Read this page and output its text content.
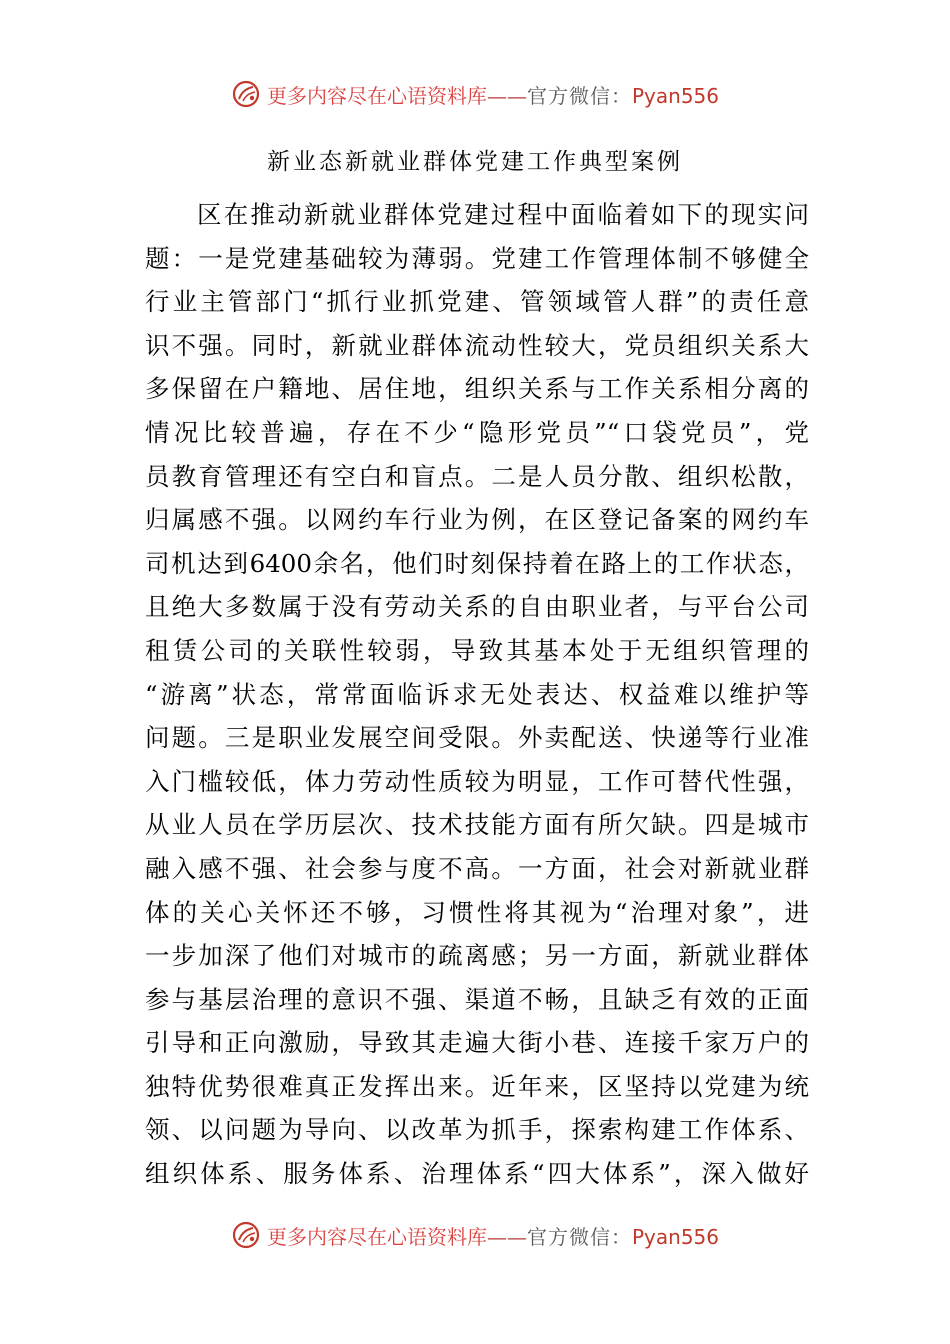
更多内容尽在心语资料库——官方微信：Pyan556
新业态新就业群体党建工作典型案例
区在推动新就业群体党建过程中面临着如下的现实问
题：一是党建基础较为薄弱。党建工作管理体制不够健全
行业主管部门“抓行业抓党建、管领域管人群”的责任意
识不强。同时，新就业群体流动性较大，党员组织关系大
多保留在户籍地、居住地，组织关系与工作关系相分离的
情况比较普遍，存在不少“隐形党员”“口袋党员”，党
员教育管理还有空白和盲点。二是人员分散、组织松散，
归属感不强。以网约车行业为例，在区登记备案的网约车
司机达到6400余名，他们时刻保持着在路上的工作状态，
且绝大多数属于没有劳动关系的自由职业者，与平台公司
租赁公司的关联性较弱，导致其基本处于无组织管理的
“游离”状态，常常面临诉求无处表达、权益难以维护等
问题。三是职业发展空间受限。外卖配送、快递等行业准
入门槛较低，体力劳动性质较为明显，工作可替代性强，
从业人员在学历层次、技术技能方面有所欠缺。四是城市
融入感不强、社会参与度不高。一方面，社会对新就业群
体的关心关怀还不够，习惯性将其视为“治理对象”，进
一步加深了他们对城市的疏离感；另一方面，新就业群体
参与基层治理的意识不强、渠道不畅，且缺乏有效的正面
引导和正向激励，导致其走遍大街小巷、连接千家万户的
独特优势很难真正发挥出来。近年来，区坚持以党建为统
领、以问题为导向、以改革为抓手，探索构建工作体系、
组织体系、服务体系、治理体系“四大体系”，深入做好
更多内容尽在心语资料库——官方微信：Pyan556
